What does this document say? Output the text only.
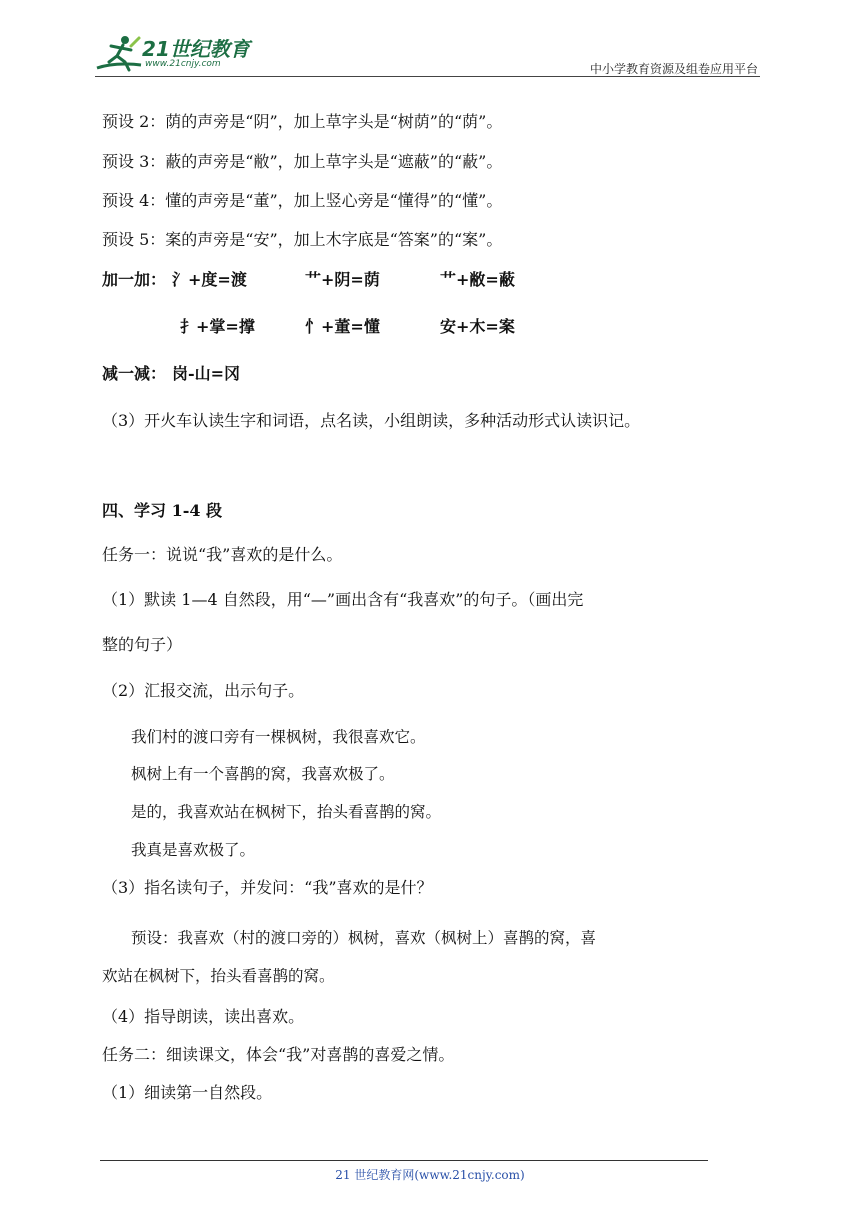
21世纪教育
www.21cnjy.com	中小学教育资源及组卷应用平台
预设 2：荫的声旁是“阴”，加上草字头是“树荫”的“荫”。
预设 3：蔽的声旁是“敝”，加上草字头是“遮蔽”的“蔽”。
预设 4：懂的声旁是“董”，加上竖心旁是“懂得”的“懂”。
预设 5：案的声旁是“安”，加上木字底是“答案”的“案”。
加一加： 氵+度=渡	艹+阴=荫	艹+敝=蔽
扌+掌=撑	忄+董=懂	安+木=案
减一减： 岗-山=冈
（3）开火车认读生字和词语，点名读，小组朗读，多种活动形式认读识记。
四、学习 1-4 段
任务一：说说“我”喜欢的是什么。
（1）默读 1—4 自然段，用“—”画出含有“我喜欢”的句子。（画出完
整的句子）
（2）汇报交流，出示句子。
我们村的渡口旁有一棵枫树，我很喜欢它。
枫树上有一个喜鹊的窝，我喜欢极了。
是的，我喜欢站在枫树下，抬头看喜鹊的窝。
我真是喜欢极了。
（3）指名读句子，并发问：“我”喜欢的是什？
预设：我喜欢（村的渡口旁的）枫树，喜欢（枫树上）喜鹊的窝，喜
欢站在枫树下，抬头看喜鹊的窝。
（4）指导朗读，读出喜欢。
任务二：细读课文，体会“我”对喜鹊的喜爱之情。
（1）细读第一自然段。
21 世纪教育网(www.21cnjy.com)
